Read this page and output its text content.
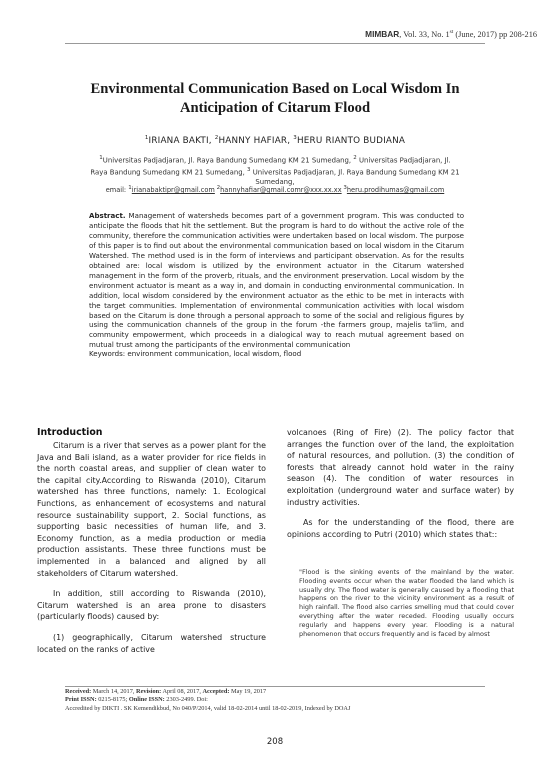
MIMBAR, Vol. 33, No. 1st (June, 2017) pp 208-216
Environmental Communication Based on Local Wisdom In
Anticipation of Citarum Flood
$^1$IRIANA BAKTI, $^2$HANNY HAFIAR, $^3$HERU RIANTO BUDIANA
$^1$Universitas Padjadjaran, Jl. Raya Bandung Sumedang KM 21 Sumedang, $^2$ Universitas Padjadjaran, Jl.
Raya Bandung Sumedang KM 21 Sumedang, $^3$ Universitas Padjadjaran, Jl. Raya Bandung Sumedang KM 21
Sumedang,
email: $^1$irianabaktipr@gmail.com $^2$hannyhafiar@gmail.comr@xxx.xx.xx $^3$heru.prodihumas@gmail.com
Abstract. Management of watersheds becomes part of a government program. This was conducted to anticipate the floods that hit the settlement. But the program is hard to do without the active role of the community, therefore the communication activities were undertaken based on local wisdom. The purpose of this paper is to find out about the environmental communication based on local wisdom in the Citarum Watershed. The method used is in the form of interviews and participant observation. As for the results obtained are: local wisdom is utilized by the environment actuator in the Citarum watershed management in the form of the proverb, rituals, and the environment preservation. Local wisdom by the environment actuator is meant as a way in, and domain in conducting environmental communication. In addition, local wisdom considered by the environment actuator as the ethic to be met in interacts with the target communities. Implementation of environmental communication activities with local wisdom based on the Citarum is done through a personal approach to some of the social and religious figures by using the communication channels of the group in the forum -the farmers group, majelis ta'lim, and community empowerment, which proceeds in a dialogical way to reach mutual agreement based on mutual trust among the participants of the environmental communication
Keywords: environment communication, local wisdom, flood
Introduction

Citarum is a river that serves as a power plant for the Java and Bali island, as a water provider for rice fields in the north coastal areas, and supplier of clean water to the capital city.According to Riswanda (2010), Citarum watershed has three functions, namely: 1. Ecological Functions, as enhancement of ecosystems and natural resource sustainability support, 2. Social functions, as supporting basic necessities of human life, and 3. Economy function, as a media production or media production assistants. These three functions must be implemented in a balanced and aligned by all stakeholders of Citarum watershed.

In addition, still according to Riswanda (2010), Citarum watershed is an area prone to disasters (particularly floods) caused by:

(1) geographically, Citarum watershed structure located on the ranks of active

volcanoes (Ring of Fire) (2). The policy factor that arranges the function over of the land, the exploitation of natural resources, and pollution. (3) the condition of forests that already cannot hold water in the rainy season (4). The condition of water resources in exploitation (underground water and surface water) by industry activities.

As for the understanding of the flood, there are opinions according to Putri (2010) which states that::

"Flood is the sinking events of the mainland by the water. Flooding events occur when the water flooded the land which is usually dry. The flood water is generally caused by a flooding that happens on the river to the vicinity environment as a result of high rainfall. The flood also carries smelling mud that could cover everything after the water receded. Flooding usually occurs regularly and happens every year. Flooding is a natural phenomenon that occurs frequently and is faced by almost
Received: March 14, 2017, Revision: April 08, 2017, Accepted: May 19, 2017
Print ISSN: 0215-8175; Online ISSN: 2303-2499. Doi:
Accredited by DIKTI . SK Kemendikbud, No 040/P/2014, valid 18-02-2014 until 18-02-2019, Indexed by DOAJ
208
